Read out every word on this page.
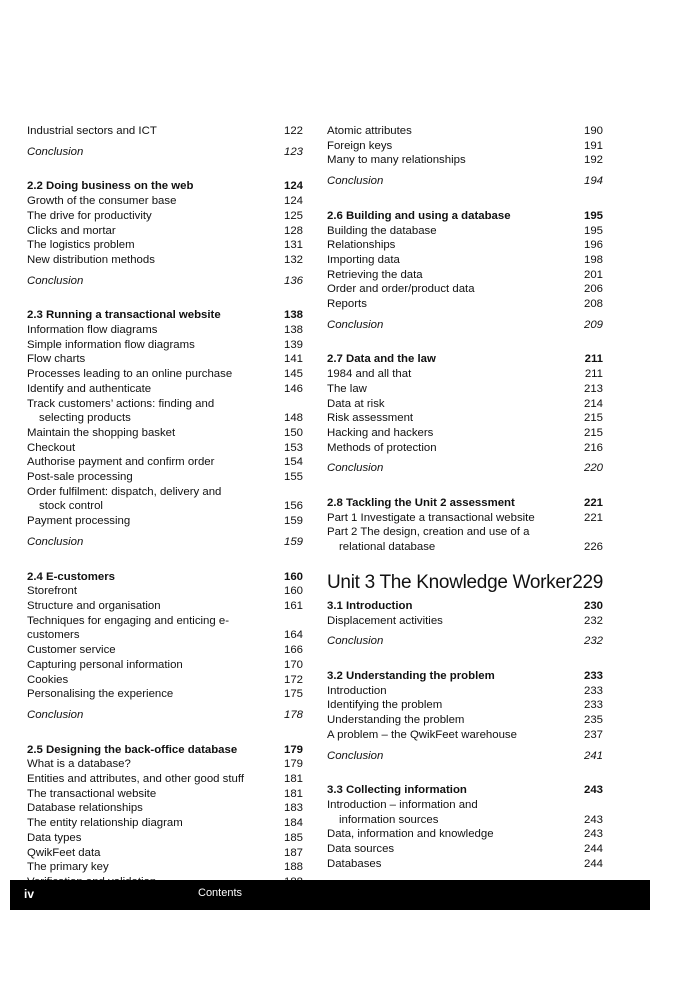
Industrial sectors and ICT	122
Conclusion	123
2.2 Doing business on the web	124
Growth of the consumer base	124
The drive for productivity	125
Clicks and mortar	128
The logistics problem	131
New distribution methods	132
Conclusion	136
2.3 Running a transactional website	138
Information flow diagrams	138
Simple information flow diagrams	139
Flow charts	141
Processes leading to an online purchase	145
Identify and authenticate	146
Track customers’ actions: finding and
selecting products	148
Maintain the shopping basket	150
Checkout	153
Authorise payment and confirm order	154
Post-sale processing	155
Order fulfilment: dispatch, delivery and
stock control	156
Payment processing	159
Conclusion	159
2.4 E-customers	160
Storefront	160
Structure and organisation	161
Techniques for engaging and enticing e-customers	164
Customer service	166
Capturing personal information	170
Cookies	172
Personalising the experience	175
Conclusion	178
2.5 Designing the back-office database	179
What is a database?	179
Entities and attributes, and other good stuff	181
The transactional website	181
Database relationships	183
The entity relationship diagram	184
Data types	185
QwikFeet data	187
The primary key	188
Atomic attributes	190
Foreign keys	191
Many to many relationships	192
Conclusion	194
2.6 Building and using a database	195
Building the database	195
Relationships	196
Importing data	198
Retrieving the data	201
Order and order/product data	206
Reports	208
Conclusion	209
2.7 Data and the law	211
1984 and all that	211
The law	213
Data at risk	214
Risk assessment	215
Hacking and hackers	215
Methods of protection	216
Conclusion	220
2.8 Tackling the Unit 2 assessment	221
Part 1 Investigate a transactional website	221
Part 2 The design, creation and use of a
relational database	226
Unit 3 The Knowledge Worker 229
3.1 Introduction	230
Displacement activities	232
Conclusion	232
3.2 Understanding the problem	233
Introduction	233
Identifying the problem	233
Understanding the problem	235
A problem – the QwikFeet warehouse	237
Conclusion	241
3.3 Collecting information	243
Introduction – information and
information sources	243
Data, information and knowledge	243
Data sources	244
Databases	244
iv	Contents
